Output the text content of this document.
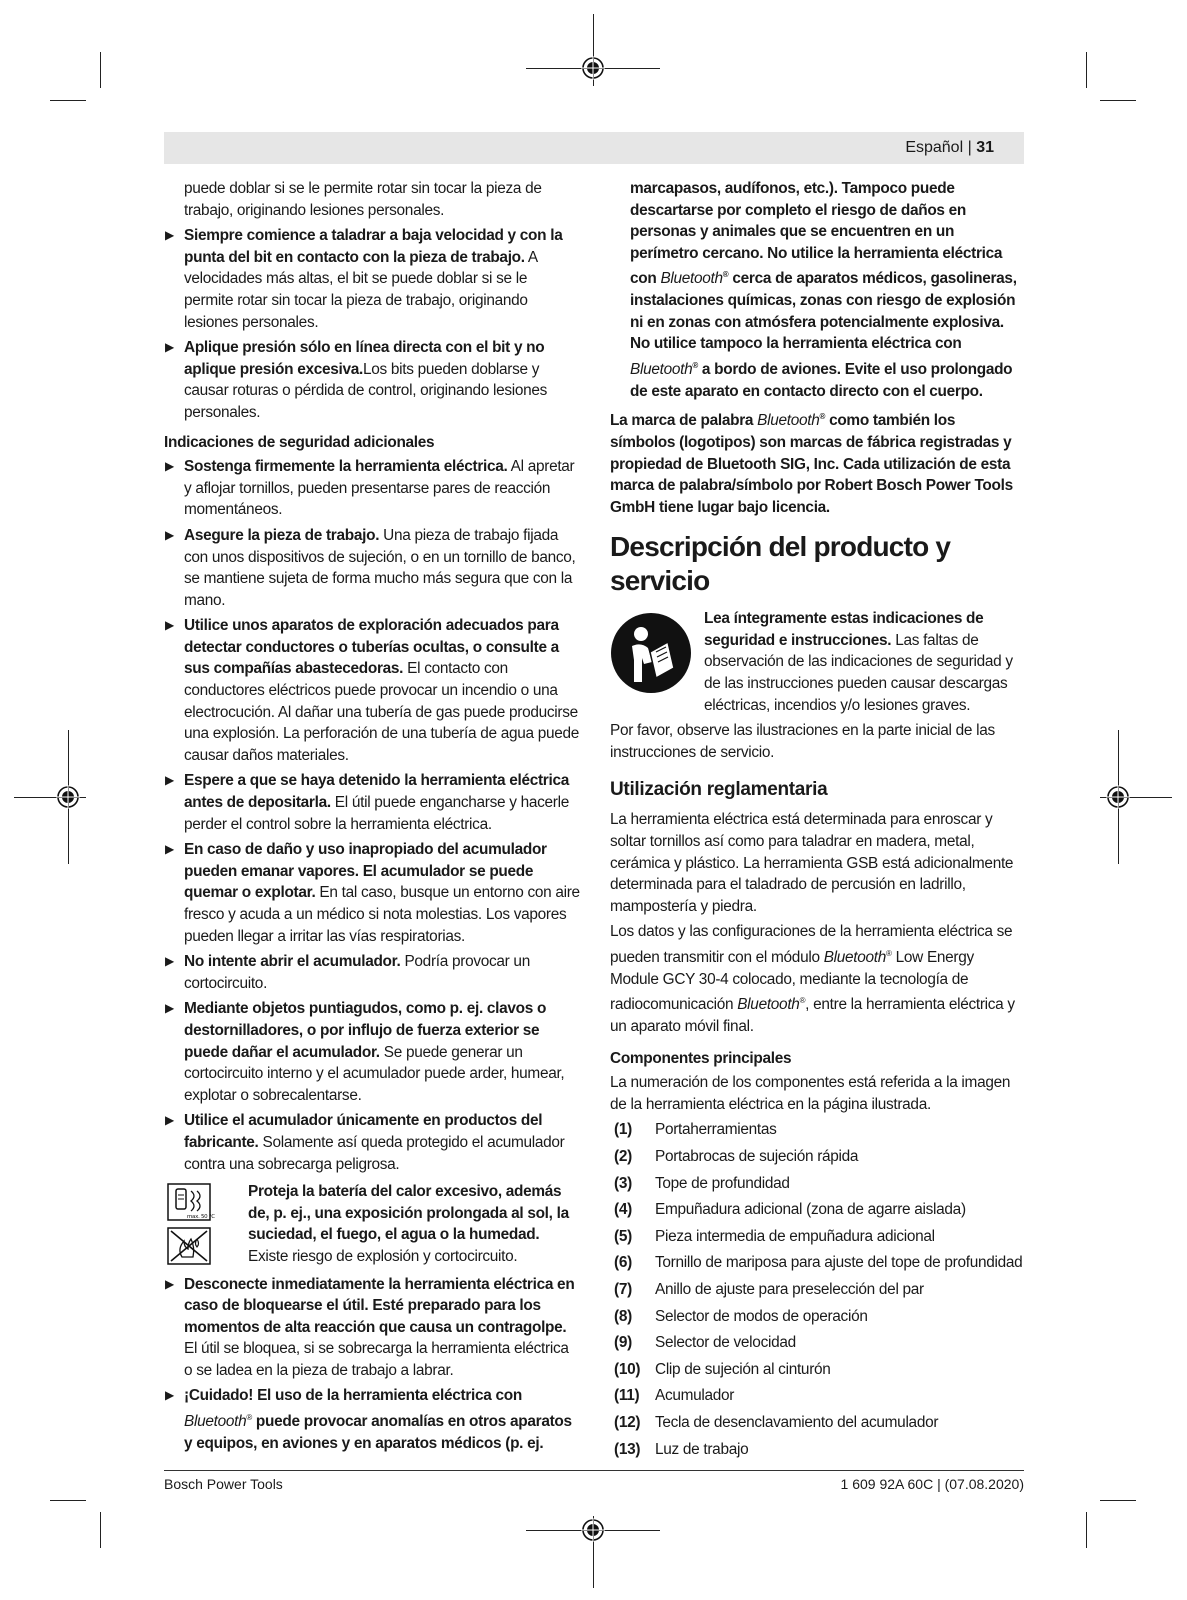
Español | 31

puede doblar si se le permite rotar sin tocar la pieza de trabajo, originando lesiones personales.

▶ Siempre comience a taladrar a baja velocidad y con la punta del bit en contacto con la pieza de trabajo. A velocidades más altas, el bit se puede doblar si se le permite rotar sin tocar la pieza de trabajo, originando lesiones personales.

▶ Aplique presión sólo en línea directa con el bit y no aplique presión excesiva.Los bits pueden doblarse y causar roturas o pérdida de control, originando lesiones personales.

Indicaciones de seguridad adicionales

▶ Sostenga firmemente la herramienta eléctrica. Al apretar y aflojar tornillos, pueden presentarse pares de reacción momentáneos.

▶ Asegure la pieza de trabajo. Una pieza de trabajo fijada con unos dispositivos de sujeción, o en un tornillo de banco, se mantiene sujeta de forma mucho más segura que con la mano.

▶ Utilice unos aparatos de exploración adecuados para detectar conductores o tuberías ocultas, o consulte a sus compañías abastecedoras. El contacto con conductores eléctricos puede provocar un incendio o una electrocución. Al dañar una tubería de gas puede producirse una explosión. La perforación de una tubería de agua puede causar daños materiales.

▶ Espere a que se haya detenido la herramienta eléctrica antes de depositarla. El útil puede engancharse y hacerle perder el control sobre la herramienta eléctrica.

▶ En caso de daño y uso inapropiado del acumulador pueden emanar vapores. El acumulador se puede quemar o explotar. En tal caso, busque un entorno con aire fresco y acuda a un médico si nota molestias. Los vapores pueden llegar a irritar las vías respiratorias.

▶ No intente abrir el acumulador. Podría provocar un cortocircuito.

▶ Mediante objetos puntiagudos, como p. ej. clavos o destornilladores, o por influjo de fuerza exterior se puede dañar el acumulador. Se puede generar un cortocircuito interno y el acumulador puede arder, humear, explotar o sobrecalentarse.

▶ Utilice el acumulador únicamente en productos del fabricante. Solamente así queda protegido el acumulador contra una sobrecarga peligrosa.

max. 50 °C
Proteja la batería del calor excesivo, además de, p. ej., una exposición prolongada al sol, la suciedad, el fuego, el agua o la humedad. Existe riesgo de explosión y cortocircuito.

▶ Desconecte inmediatamente la herramienta eléctrica en caso de bloquearse el útil. Esté preparado para los momentos de alta reacción que causa un contragolpe. El útil se bloquea, si se sobrecarga la herramienta eléctrica o se ladea en la pieza de trabajo a labrar.

▶ ¡Cuidado! El uso de la herramienta eléctrica con
Bluetooth® puede provocar anomalías en otros aparatos y equipos, en aviones y en aparatos médicos (p. ej.

marcapasos, audífonos, etc.). Tampoco puede descartarse por completo el riesgo de daños en personas y animales que se encuentren en un perímetro cercano. No utilice la herramienta eléctrica con Bluetooth® cerca de aparatos médicos, gasolineras, instalaciones químicas, zonas con riesgo de explosión ni en zonas con atmósfera potencialmente explosiva. No utilice tampoco la herramienta eléctrica con Bluetooth® a bordo de aviones. Evite el uso prolongado de este aparato en contacto directo con el cuerpo.

La marca de palabra Bluetooth® como también los símbolos (logotipos) son marcas de fábrica registradas y propiedad de Bluetooth SIG, Inc. Cada utilización de esta marca de palabra/símbolo por Robert Bosch Power Tools GmbH tiene lugar bajo licencia.

Descripción del producto y servicio
Lea íntegramente estas indicaciones de seguridad e instrucciones. Las faltas de observación de las indicaciones de seguridad y de las instrucciones pueden causar descargas eléctricas, incendios y/o lesiones graves.

Por favor, observe las ilustraciones en la parte inicial de las instrucciones de servicio.

Utilización reglamentaria

La herramienta eléctrica está determinada para enroscar y soltar tornillos así como para taladrar en madera, metal, cerámica y plástico. La herramienta GSB está adicionalmente determinada para el taladrado de percusión en ladrillo, mampostería y piedra.

Los datos y las configuraciones de la herramienta eléctrica se pueden transmitir con el módulo Bluetooth® Low Energy Module GCY 30-4 colocado, mediante la tecnología de radiocomunicación Bluetooth®, entre la herramienta eléctrica y un aparato móvil final.

Componentes principales

La numeración de los componentes está referida a la imagen de la herramienta eléctrica en la página ilustrada.

(1) Portaherramientas
(2) Portabrocas de sujeción rápida
(3) Tope de profundidad
(4) Empuñadura adicional (zona de agarre aislada)
(5) Pieza intermedia de empuñadura adicional
(6) Tornillo de mariposa para ajuste del tope de profundidad
(7) Anillo de ajuste para preselección del par
(8) Selector de modos de operación
(9) Selector de velocidad
(10) Clip de sujeción al cinturón
(11) Acumulador
(12) Tecla de desenclavamiento del acumulador
(13) Luz de trabajo
Bosch Power Tools	1 609 92A 60C | (07.08.2020)
